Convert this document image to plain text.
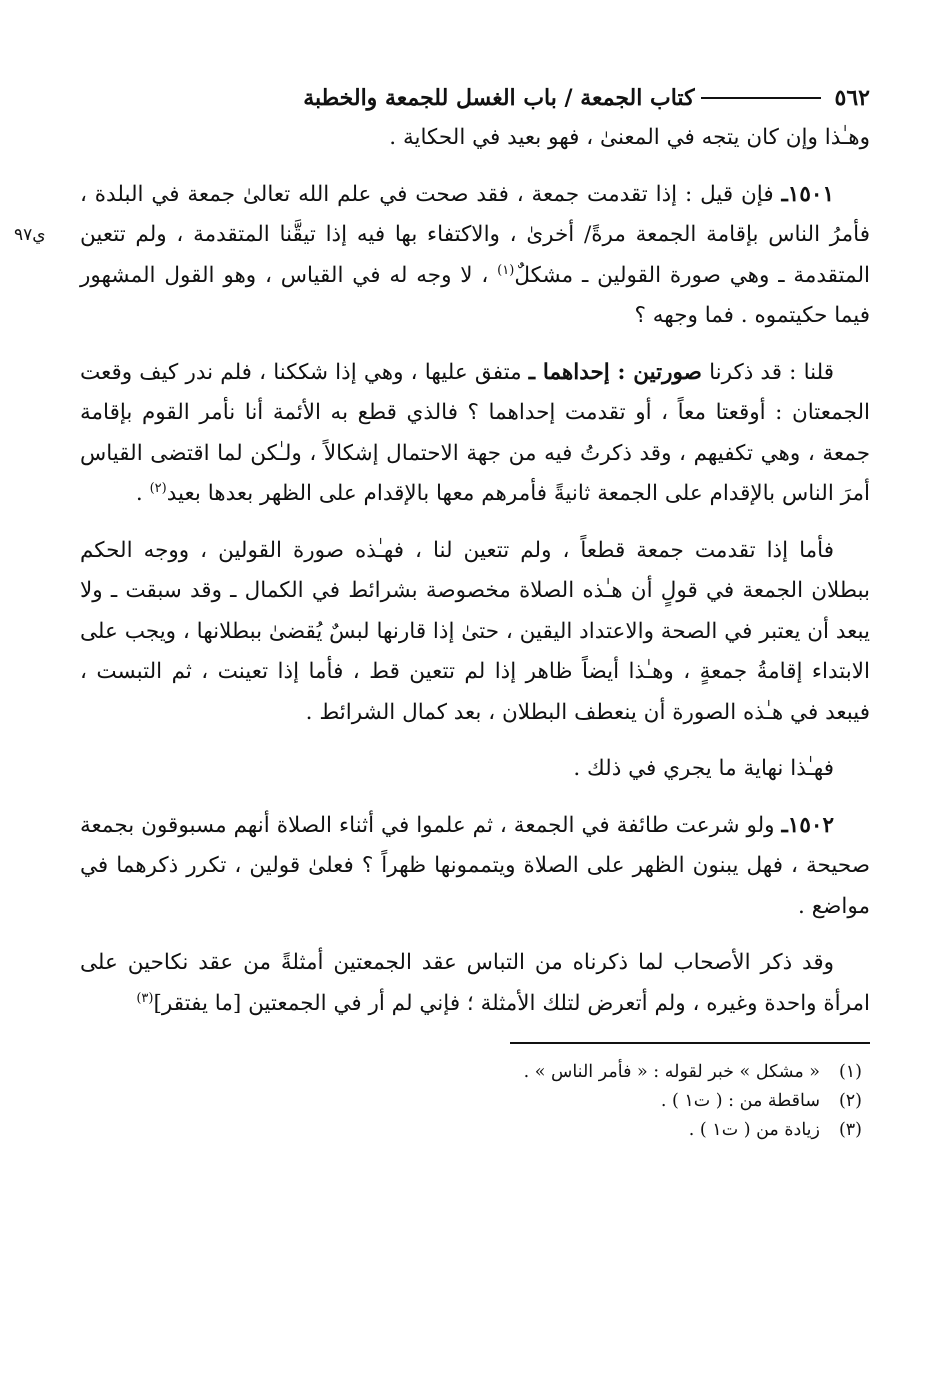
٥٦٢
كتاب الجمعة / باب الغسل للجمعة والخطبة

وهـٰذا وإن كان يتجه في المعنىٰ ، فهو بعيد في الحكاية .

ي٩٧
١٥٠١ـ فإن قيل : إذا تقدمت جمعة ، فقد صحت في علم الله تعالىٰ جمعة في البلدة ، فأمرُ الناس بإقامة الجمعة مرةً/ أخرىٰ ، والاكتفاء بها فيه إذا تيقَّنا المتقدمة ، ولم تتعين المتقدمة ـ وهي صورة القولين ـ مشكلٌ$^{(١)}$ ، لا وجه له في القياس ، وهو القول المشهور فيما حكيتموه . فما وجهه ؟

قلنا : قد ذكرنا صورتين : إحداهما ـ متفق عليها ، وهي إذا شككنا ، فلم ندر كيف وقعت الجمعتان : أوقعتا معاً ، أو تقدمت إحداهما ؟ فالذي قطع به الأئمة أنا نأمر القوم بإقامة جمعة ، وهي تكفيهم ، وقد ذكرتُ فيه من جهة الاحتمال إشكالاً ، ولـٰكن لما اقتضى القياس أمرَ الناس بالإقدام على الجمعة ثانيةً فأمرهم معها بالإقدام على الظهر بعدها بعيد$^{(٢)}$ .

فأما إذا تقدمت جمعة قطعاً ، ولم تتعين لنا ، فهـٰذه صورة القولين ، ووجه الحكم ببطلان الجمعة في قولٍ أن هـٰذه الصلاة مخصوصة بشرائط في الكمال ـ وقد سبقت ـ ولا يبعد أن يعتبر في الصحة والاعتداد اليقين ، حتىٰ إذا قارنها لبسٌ يُقضىٰ ببطلانها ، ويجب على الابتداء إقامةُ جمعةٍ ، وهـٰذا أيضاً ظاهر إذا لم تتعين قط ، فأما إذا تعينت ، ثم التبست ، فيبعد في هـٰذه الصورة أن ينعطف البطلان ، بعد كمال الشرائط .

فهـٰذا نهاية ما يجري في ذلك .

١٥٠٢ـ ولو شرعت طائفة في الجمعة ، ثم علموا في أثناء الصلاة أنهم مسبوقون بجمعة صحيحة ، فهل يبنون الظهر على الصلاة ويتممونها ظهراً ؟ فعلىٰ قولين ، تكرر ذكرهما في مواضع .

وقد ذكر الأصحاب لما ذكرناه من التباس عقد الجمعتين أمثلةً من عقد نكاحين على امرأة واحدة وغيره ، ولم أتعرض لتلك الأمثلة ؛ فإني لم أر في الجمعتين [ما يفتقر]$^{(٣)}$

(١)
« مشكل » خبر لقوله : « فأمر الناس » .
(٢)
ساقطة من : ( ت١ ) .
(٣)
زيادة من ( ت١ ) .
